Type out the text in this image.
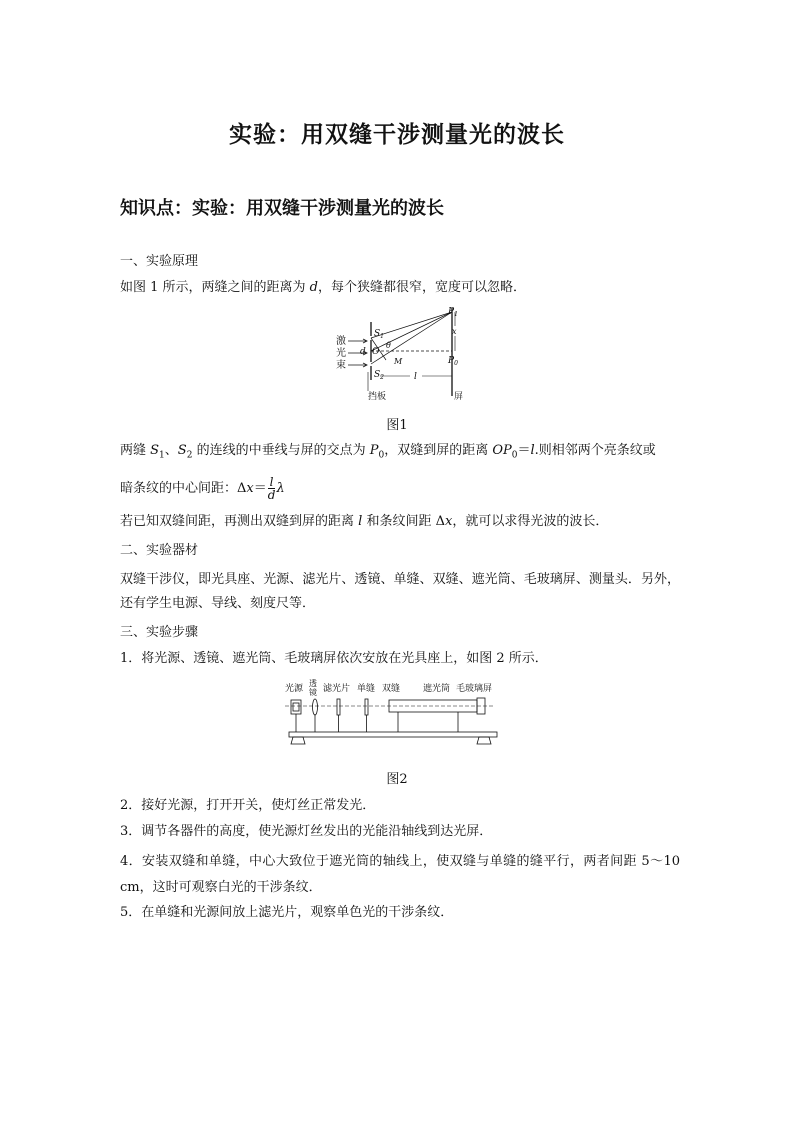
实验：用双缝干涉测量光的波长
知识点：实验：用双缝干涉测量光的波长
一、实验原理
如图 1 所示，两缝之间的距离为 d，每个狭缝都很窄，宽度可以忽略．
激
光
束
$S_1$
$S_2$
d O
θ
M
$P_1$
$P_0$
x
l
挡板	屏
图1
两缝 $S_1$、$S_2$ 的连线的中垂线与屏的交点为 $P_0$，双缝到屏的距离 $OP_0=l$.则相邻两个亮条纹或
暗条纹的中心间距：$\Delta x= \frac{l}{d}$ λ
若已知双缝间距，再测出双缝到屏的距离 l 和条纹间距 Δx，就可以求得光波的波长．
二、实验器材
双缝干涉仪，即光具座、光源、滤光片、透镜、单缝、双缝、遮光筒、毛玻璃屏、测量头．另外，还有学生电源、导线、刻度尺等．
三、实验步骤
1．将光源、透镜、遮光筒、毛玻璃屏依次安放在光具座上，如图 2 所示．
光源
透
镜 滤光片 单缝 双缝	遮光筒 毛玻璃屏
图2
2．接好光源，打开开关，使灯丝正常发光．
3．调节各器件的高度，使光源灯丝发出的光能沿轴线到达光屏．
4．安装双缝和单缝，中心大致位于遮光筒的轴线上，使双缝与单缝的缝平行，两者间距 5～10 cm，这时可观察白光的干涉条纹．
5．在单缝和光源间放上滤光片，观察单色光的干涉条纹．
